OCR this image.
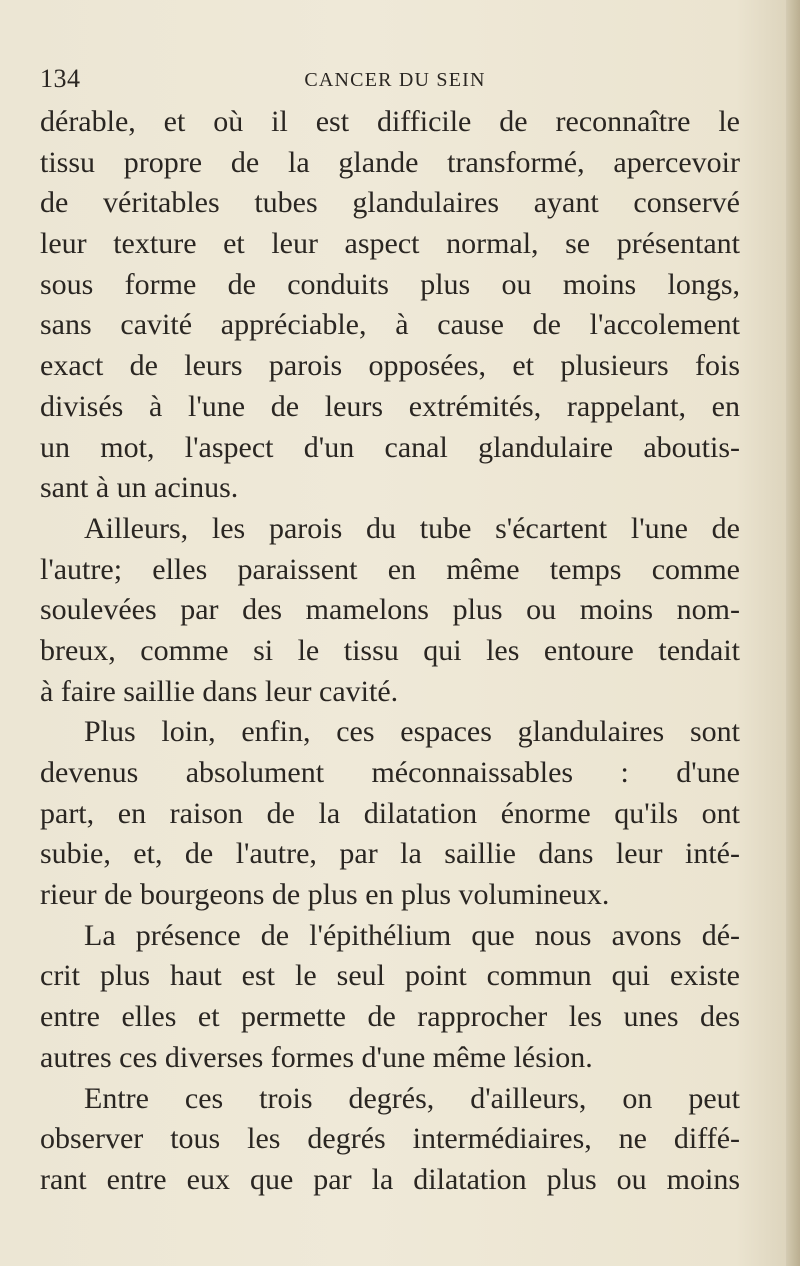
134	CANCER DU SEIN
dérable, et où il est difficile de reconnaître le
tissu propre de la glande transformé, apercevoir
de véritables tubes glandulaires ayant conservé
leur texture et leur aspect normal, se présentant
sous forme de conduits plus ou moins longs,
sans cavité appréciable, à cause de l'accolement
exact de leurs parois opposées, et plusieurs fois
divisés à l'une de leurs extrémités, rappelant, en
un mot, l'aspect d'un canal glandulaire aboutis-
sant à un acinus.
Ailleurs, les parois du tube s'écartent l'une de
l'autre; elles paraissent en même temps comme
soulevées par des mamelons plus ou moins nom-
breux, comme si le tissu qui les entoure tendait
à faire saillie dans leur cavité.
Plus loin, enfin, ces espaces glandulaires sont
devenus absolument méconnaissables : d'une
part, en raison de la dilatation énorme qu'ils ont
subie, et, de l'autre, par la saillie dans leur inté-
rieur de bourgeons de plus en plus volumineux.
La présence de l'épithélium que nous avons dé-
crit plus haut est le seul point commun qui existe
entre elles et permette de rapprocher les unes des
autres ces diverses formes d'une même lésion.
Entre ces trois degrés, d'ailleurs, on peut
observer tous les degrés intermédiaires, ne diffé-
rant entre eux que par la dilatation plus ou moins
